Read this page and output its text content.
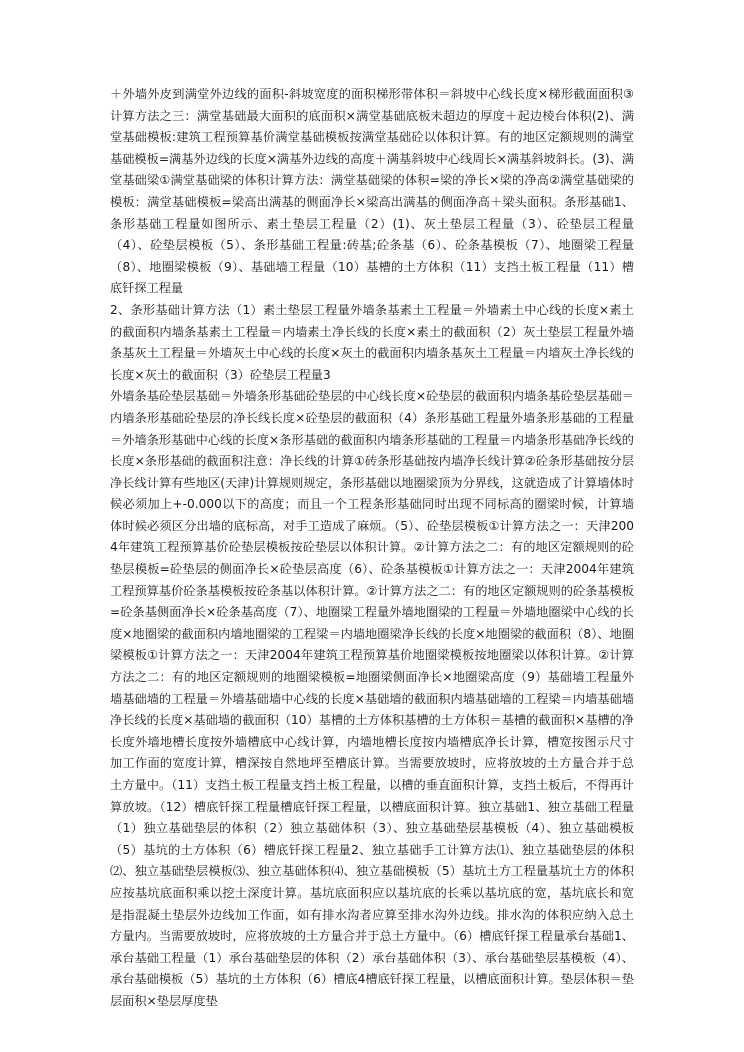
＋外墙外皮到满堂外边线的面积-斜坡宽度的面积梯形带体积＝斜坡中心线长度×梯形截面面积③计算方法之三：满堂基础最大面积的底面积×满堂基础底板未超边的厚度＋起边棱台体积(2)、满堂基础模板:建筑工程预算基价满堂基础模板按满堂基础砼以体积计算。有的地区定额规则的满堂基础模板=满基外边线的长度×满基外边线的高度＋满基斜坡中心线周长×满基斜坡斜长。(3)、满堂基础梁①满堂基础梁的体积计算方法：满堂基础梁的体积=梁的净长×梁的净高②满堂基础梁的模板：满堂基础模板=梁高出满基的侧面净长×梁高出满基的侧面净高＋梁头面积。条形基础1、条形基础工程量如图所示、素土垫层工程量（2）(1)、灰土垫层工程量（3）、砼垫层工程量（4）、砼垫层模板（5）、条形基础工程量:砖基;砼条基（6）、砼条基模板（7）、地圈梁工程量（8）、地圈梁模板（9）、基础墙工程量（10）基槽的土方体积（11）支挡土板工程量（11）槽底钎探工程量

2、条形基础计算方法（1）素土垫层工程量外墙条基素土工程量＝外墙素土中心线的长度×素土的截面积内墙条基素土工程量＝内墙素土净长线的长度×素土的截面积（2）灰土垫层工程量外墙条基灰土工程量＝外墙灰土中心线的长度×灰土的截面积内墙条基灰土工程量＝内墙灰土净长线的长度×灰土的截面积（3）砼垫层工程量3

外墙条基砼垫层基础＝外墙条形基础砼垫层的中心线长度×砼垫层的截面积内墙条基砼垫层基础＝内墙条形基础砼垫层的净长线长度×砼垫层的截面积（4）条形基础工程量外墙条形基础的工程量＝外墙条形基础中心线的长度×条形基础的截面积内墙条形基础的工程量＝内墙条形基础净长线的长度×条形基础的截面积注意：净长线的计算①砖条形基础按内墙净长线计算②砼条形基础按分层净长线计算有些地区(天津)计算规则规定，条形基础以地圈梁顶为分界线，这就造成了计算墙体时候必须加上+-0.000以下的高度；而且一个工程条形基础同时出现不同标高的圈梁时候，计算墙体时候必须区分出墙的底标高，对手工造成了麻烦。（5）、砼垫层模板①计算方法之一：天津2004年建筑工程预算基价砼垫层模板按砼垫层以体积计算。②计算方法之二：有的地区定额规则的砼垫层模板=砼垫层的侧面净长×砼垫层高度（6）、砼条基模板①计算方法之一：天津2004年建筑工程预算基价砼条基模板按砼条基以体积计算。②计算方法之二：有的地区定额规则的砼条基模板=砼条基侧面净长×砼条基高度（7）、地圈梁工程量外墙地圈梁的工程量＝外墙地圈梁中心线的长度×地圈梁的截面积内墙地圈梁的工程梁＝内墙地圈梁净长线的长度×地圈梁的截面积（8）、地圈梁模板①计算方法之一：天津2004年建筑工程预算基价地圈梁模板按地圈梁以体积计算。②计算方法之二：有的地区定额规则的地圈梁模板=地圈梁侧面净长×地圈梁高度（9）基础墙工程量外墙基础墙的工程量＝外墙基础墙中心线的长度×基础墙的截面积内墙基础墙的工程梁＝内墙基础墙净长线的长度×基础墙的截面积（10）基槽的土方体积基槽的土方体积＝基槽的截面积×基槽的净长度外墙地槽长度按外墙槽底中心线计算，内墙地槽长度按内墙槽底净长计算，槽宽按图示尺寸加工作面的宽度计算，槽深按自然地坪至槽底计算。当需要放坡时，应将放坡的土方量合并于总土方量中。（11）支挡土板工程量支挡土板工程量，以槽的垂直面积计算，支挡土板后，不得再计算放坡。（12）槽底钎探工程量槽底钎探工程量，以槽底面积计算。独立基础1、独立基础工程量（1）独立基础垫层的体积（2）独立基础体积（3）、独立基础垫层基模板（4）、独立基础模板（5）基坑的土方体积（6）槽底钎探工程量2、独立基础手工计算方法⑴、独立基础垫层的体积⑵、独立基础垫层模板⑶、独立基础体积⑷、独立基础模板（5）基坑土方工程量基坑土方的体积应按基坑底面积乘以挖土深度计算。基坑底面积应以基坑底的长乘以基坑底的宽，基坑底长和宽是指混凝土垫层外边线加工作面，如有排水沟者应算至排水沟外边线。排水沟的体积应纳入总土方量内。当需要放坡时，应将放坡的土方量合并于总土方量中。（6）槽底钎探工程量承台基础1、承台基础工程量（1）承台基础垫层的体积（2）承台基础体积（3）、承台基础垫层基模板（4）、承台基础模板（5）基坑的土方体积（6）槽底4槽底钎探工程量，以槽底面积计算。垫层体积＝垫层面积×垫层厚度垫
